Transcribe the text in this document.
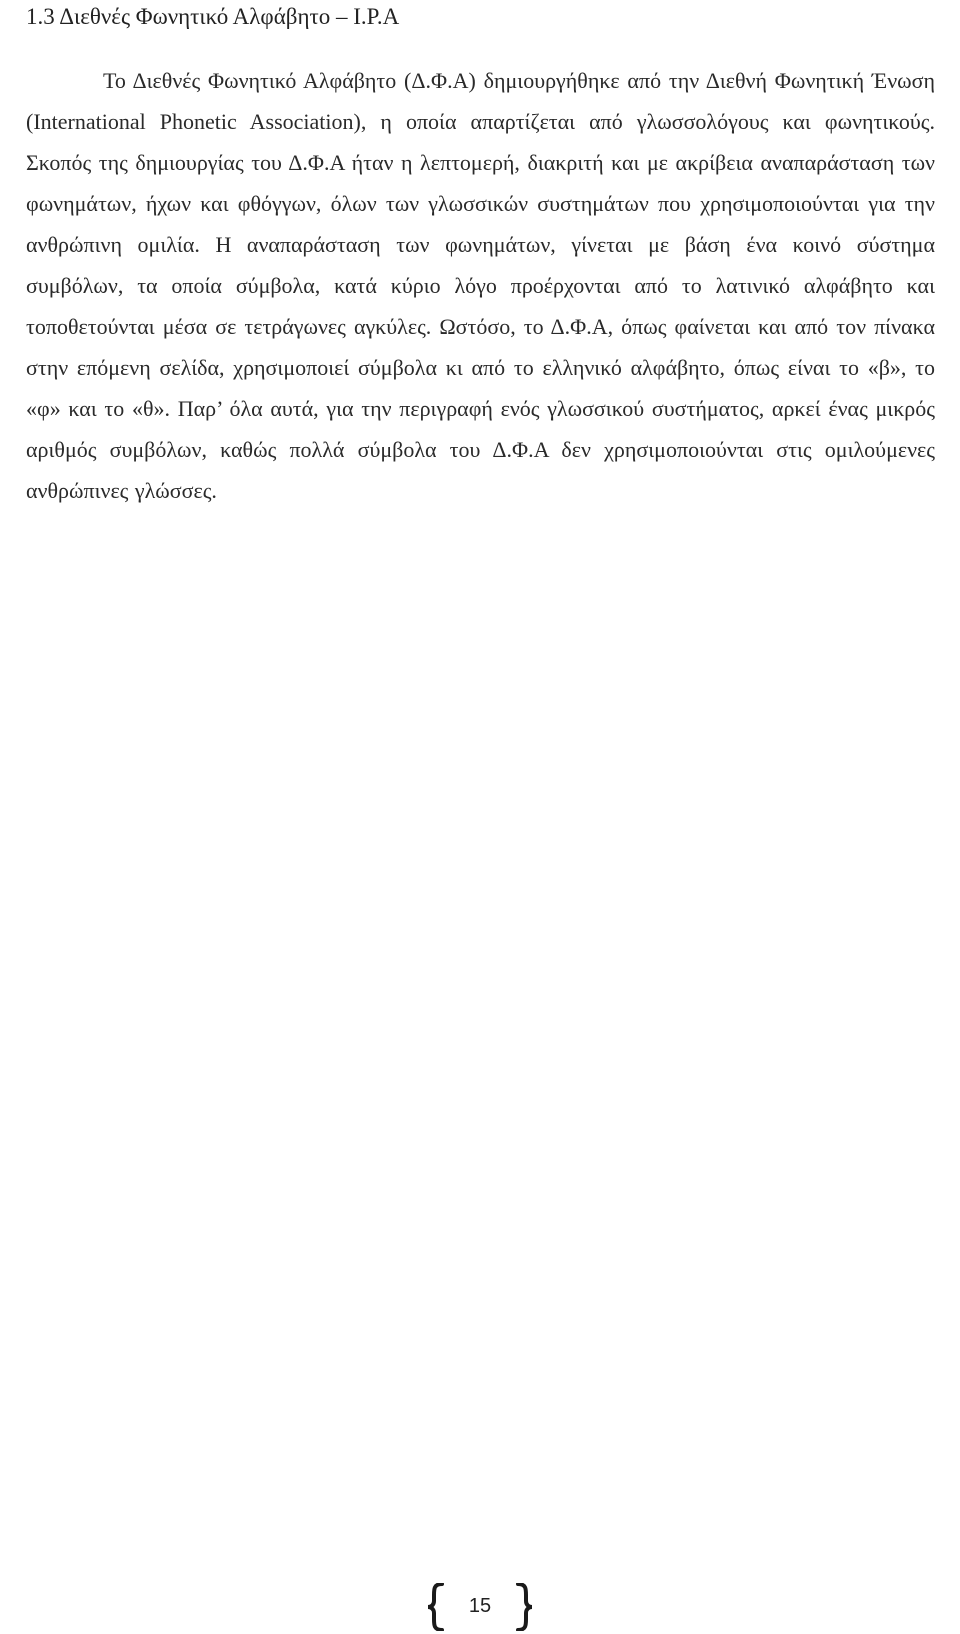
1.3 Διεθνές Φωνητικό Αλφάβητο – Ι.Ρ.Α

Το Διεθνές Φωνητικό Αλφάβητο (Δ.Φ.Α) δημιουργήθηκε από την Διεθνή Φωνητική Ένωση (International Phonetic Association), η οποία απαρτίζεται από γλωσσολόγους και φωνητικούς. Σκοπός της δημιουργίας του Δ.Φ.Α ήταν η λεπτομερή, διακριτή και με ακρίβεια αναπαράσταση των φωνημάτων, ήχων και φθόγγων, όλων των γλωσσικών συστημάτων που χρησιμοποιούνται για την ανθρώπινη ομιλία. Η αναπαράσταση των φωνημάτων, γίνεται με βάση ένα κοινό σύστημα συμβόλων, τα οποία σύμβολα, κατά κύριο λόγο προέρχονται από το λατινικό αλφάβητο και τοποθετούνται μέσα σε τετράγωνες αγκύλες. Ωστόσο, το Δ.Φ.Α, όπως φαίνεται και από τον πίνακα στην επόμενη σελίδα, χρησιμοποιεί σύμβολα κι από το ελληνικό αλφάβητο, όπως είναι το «β», το «φ» και το «θ». Παρ’ όλα αυτά, για την περιγραφή ενός γλωσσικού συστήματος, αρκεί ένας μικρός αριθμός συμβόλων, καθώς πολλά σύμβολα του Δ.Φ.Α δεν χρησιμοποιούνται στις ομιλούμενες ανθρώπινες γλώσσες.

15
